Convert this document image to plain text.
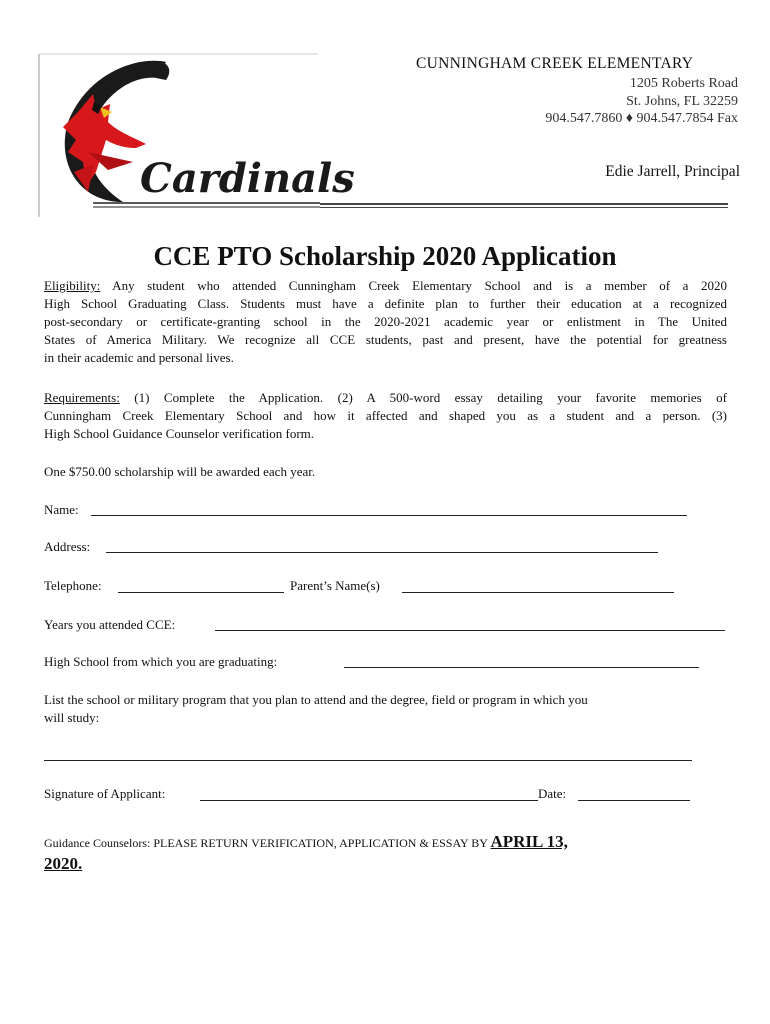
Cardinals
CUNNINGHAM CREEK ELEMENTARY
1205 Roberts Road
St. Johns, FL 32259
904.547.7860 ♦ 904.547.7854 Fax
Edie Jarrell, Principal
CCE PTO Scholarship 2020 Application
Eligibility: Any student who attended Cunningham Creek Elementary School and is a member of a 2020
High School Graduating Class. Students must have a definite plan to further their education at a recognized
post-secondary or certificate-granting school in the 2020-2021 academic year or enlistment in The United
States of America Military. We recognize all CCE students, past and present, have the potential for greatness
in their academic and personal lives.
Requirements: (1) Complete the Application. (2) A 500-word essay detailing your favorite memories of
Cunningham Creek Elementary School and how it affected and shaped you as a student and a person. (3)
High School Guidance Counselor verification form.
One $750.00 scholarship will be awarded each year.
Name:
Address:
Telephone:	Parent’s Name(s)
Years you attended CCE:
High School from which you are graduating:
List the school or military program that you plan to attend and the degree, field or program in which you
will study:
Signature of Applicant:	Date:
Guidance Counselors: PLEASE RETURN VERIFICATION, APPLICATION & ESSAY BY APRIL 13,
2020.
